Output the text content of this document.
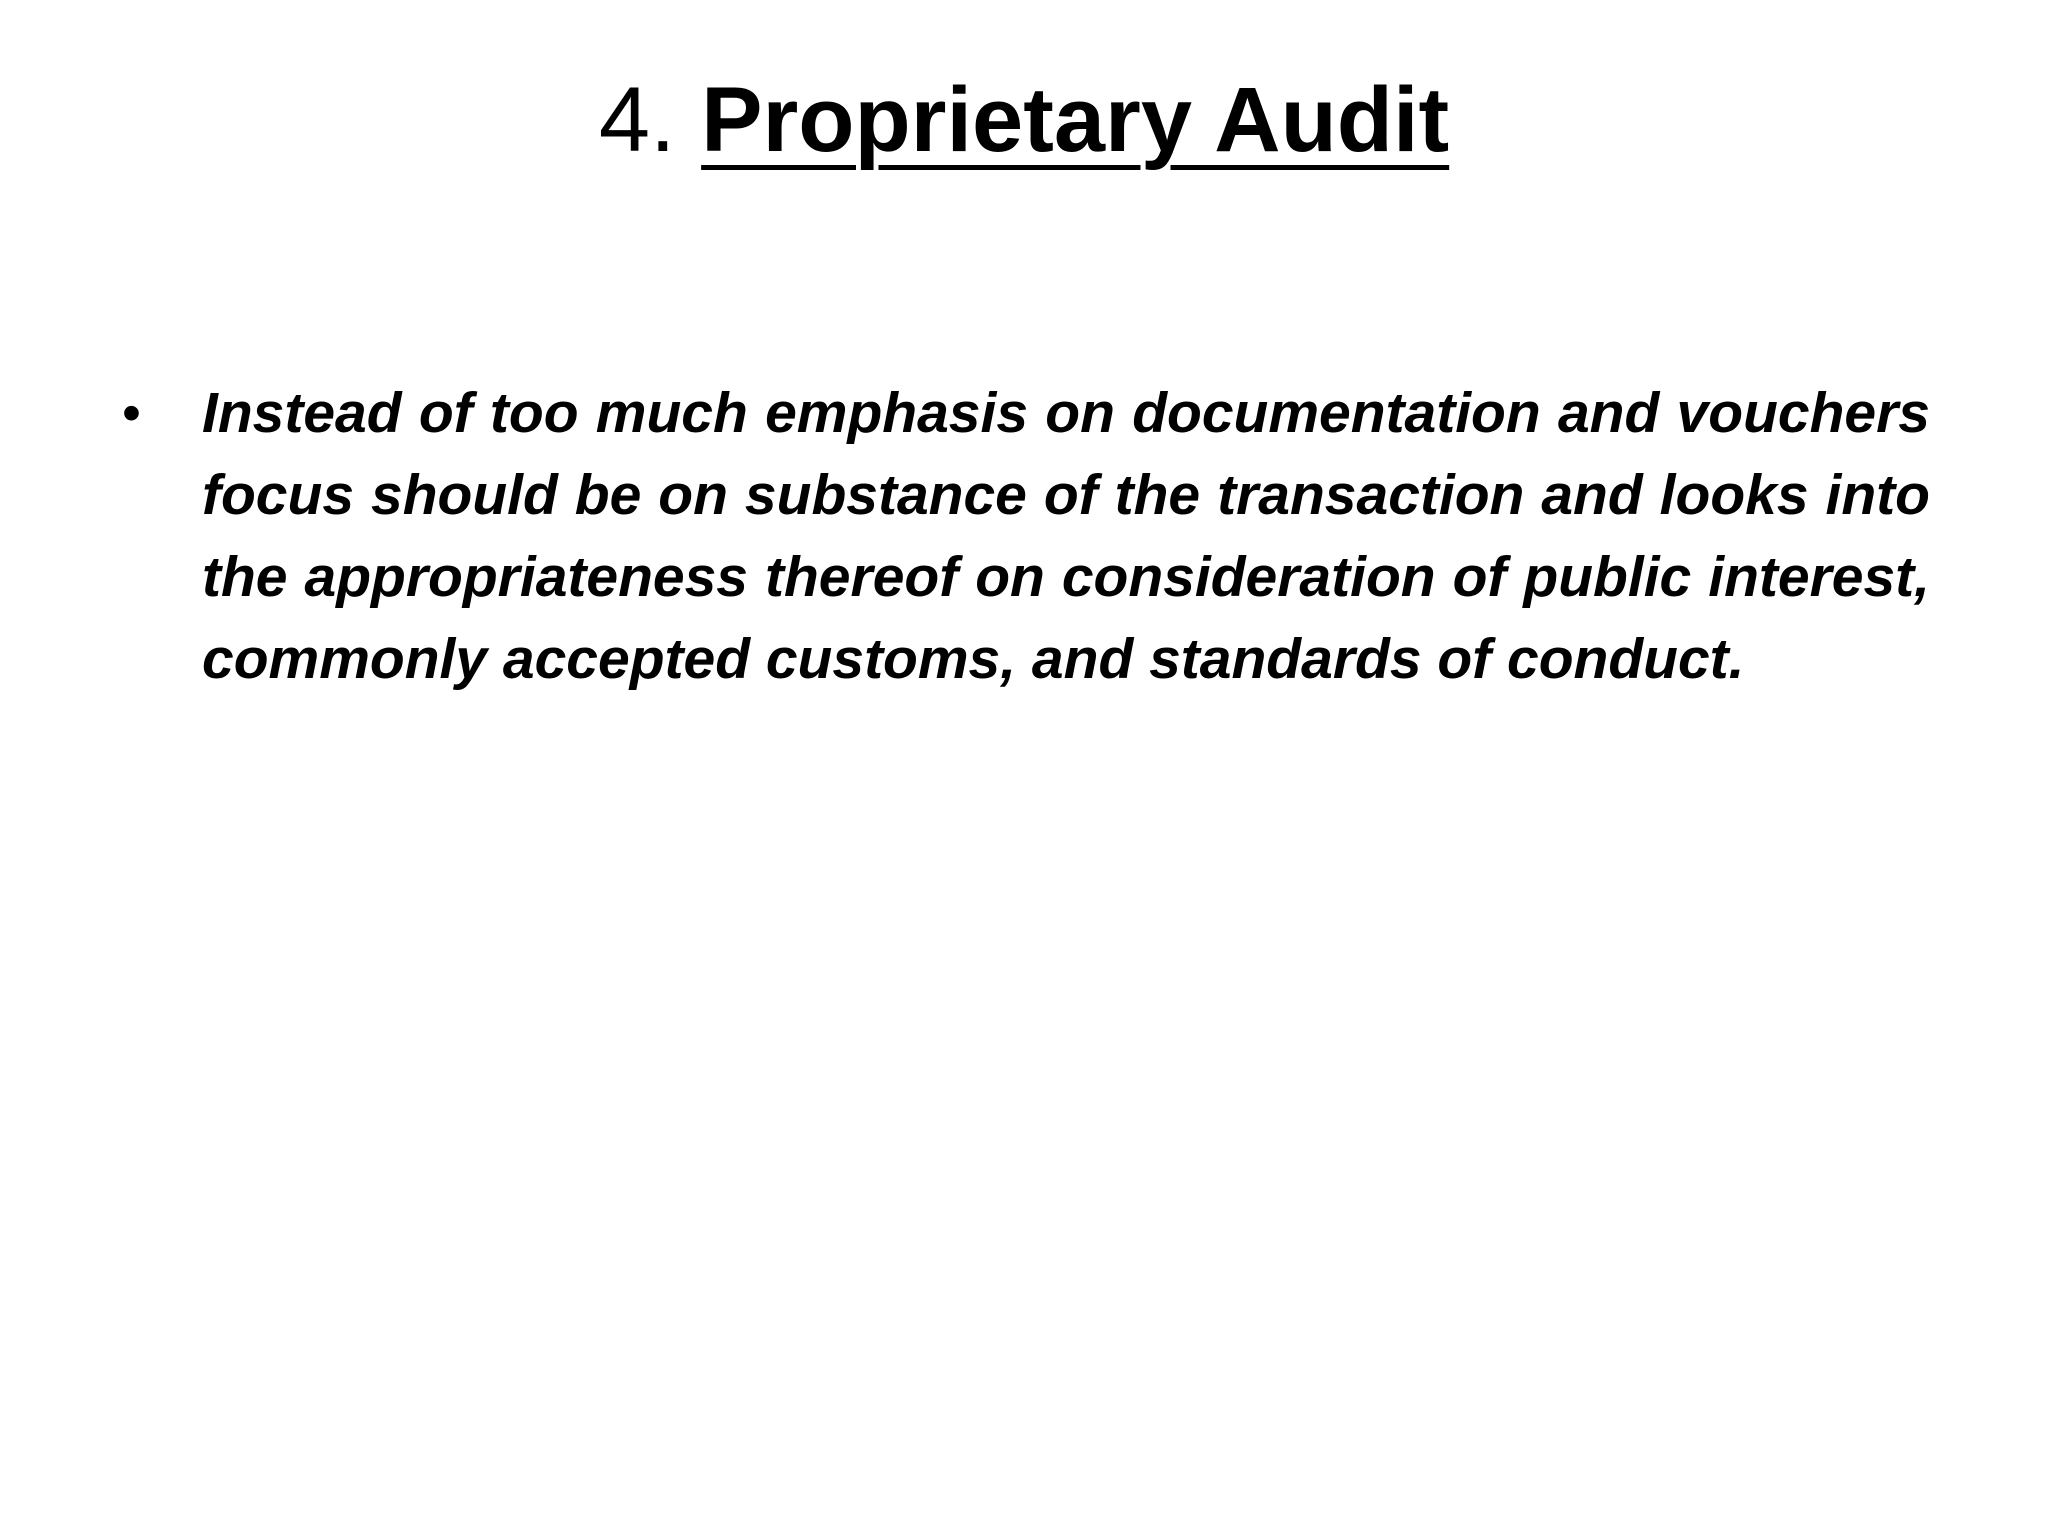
4. Proprietary Audit
• Instead of too much emphasis on documentation and vouchers focus should be on substance of the transaction and looks into the appropriateness thereof on consideration of public interest, commonly accepted customs, and standards of conduct.
